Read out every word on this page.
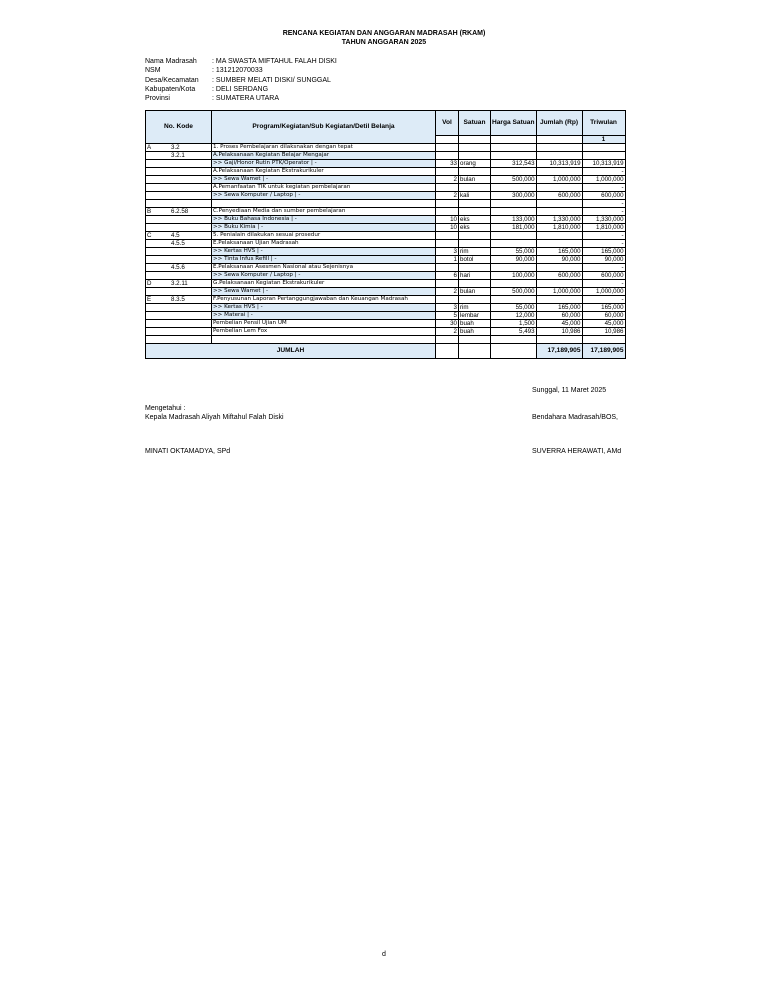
RENCANA KEGIATAN DAN ANGGARAN MADRASAH (RKAM)
TAHUN ANGGARAN 2025
Nama Madrasah	: MA SWASTA MIFTAHUL FALAH DISKI
NSM	: 131212070033
Desa/Kecamatan	: SUMBER MELATI DISKI/ SUNGGAL
Kabupaten/Kota	: DELI SERDANG
Provinsi	: SUMATERA UTARA
No. Kode	Program/Kegiatan/Sub Kegiatan/Detil Belanja	Vol	Satuan	Harga Satuan	Jumlah (Rp)	Triwulan
						1

A 3.2	1. Proses Pembelajaran dilaksnakan dengan tepat					

3.2.1	A.Pelaksanaan Kegiatan Belajar Mengajar					

	>> Gaji/Honor Rutin PTK/Operator | -	33	orang	312,543	10,313,919	10,313,919

	A.Pelaksanaan Kegiatan Ekstrakurikuler					-

	>> Sewa Wamet | -	2	bulan	500,000	1,000,000	1,000,000

	A.Pemanfaatan TIK untuk kegiatan pembelajaran					-

	>> Sewa Komputer / Laptop | -	2	kali	300,000	600,000	600,000

						-

B 6.2.58	C.Penyediaan Media dan sumber pembelajaran					-

	>> Buku Bahasa Indonesia | -	10	eks	133,000	1,330,000	1,330,000

	>> Buku Kimia | -	10	eks	181,000	1,810,000	1,810,000

C 4.5	5. Penialain dilakukan sesuai prosedur					-

4.5.5	E.Pelaksanaan Ujian Madrasah					-

	>> Kertas HVS | -	3	rim	55,000	165,000	165,000

	>> Tinta Infus Refill | -	1	botol	90,000	90,000	90,000

4.5.6	E.Pelaksanaan Asesmen Nasional atau Sejenisnya					-

	>> Sewa Komputer / Laptop | -	6	hari	100,000	600,000	600,000

D 3.2.11	G.Pelaksanaan Kegiatan Ekstrakurikuler					-

	>> Sewa Wamet | -	2	bulan	500,000	1,000,000	1,000,000

E 8.3.5	F.Penyusunan Laporan Pertanggungjawaban dan Keuangan Madrasah					-

	>> Kertas HVS | -	3	rim	55,000	165,000	165,000

	>> Materai | -	5	lembar	12,000	60,000	60,000

	Pembelian Pensil Ujian UM	30	buah	1,500	45,000	45,000

	Pembelian Lem Fox	2	buah	5,493	10,986	10,986

JUMLAH					17,189,905	17,189,905
Sunggal, 11 Maret 2025
Mengetahui :
Kepala Madrasah Aliyah Miftahul Falah Diski	Bendahara Madrasah/BOS,
MINATI OKTAMADYA, SPd	SUVERRA HERAWATI, AMd
d
